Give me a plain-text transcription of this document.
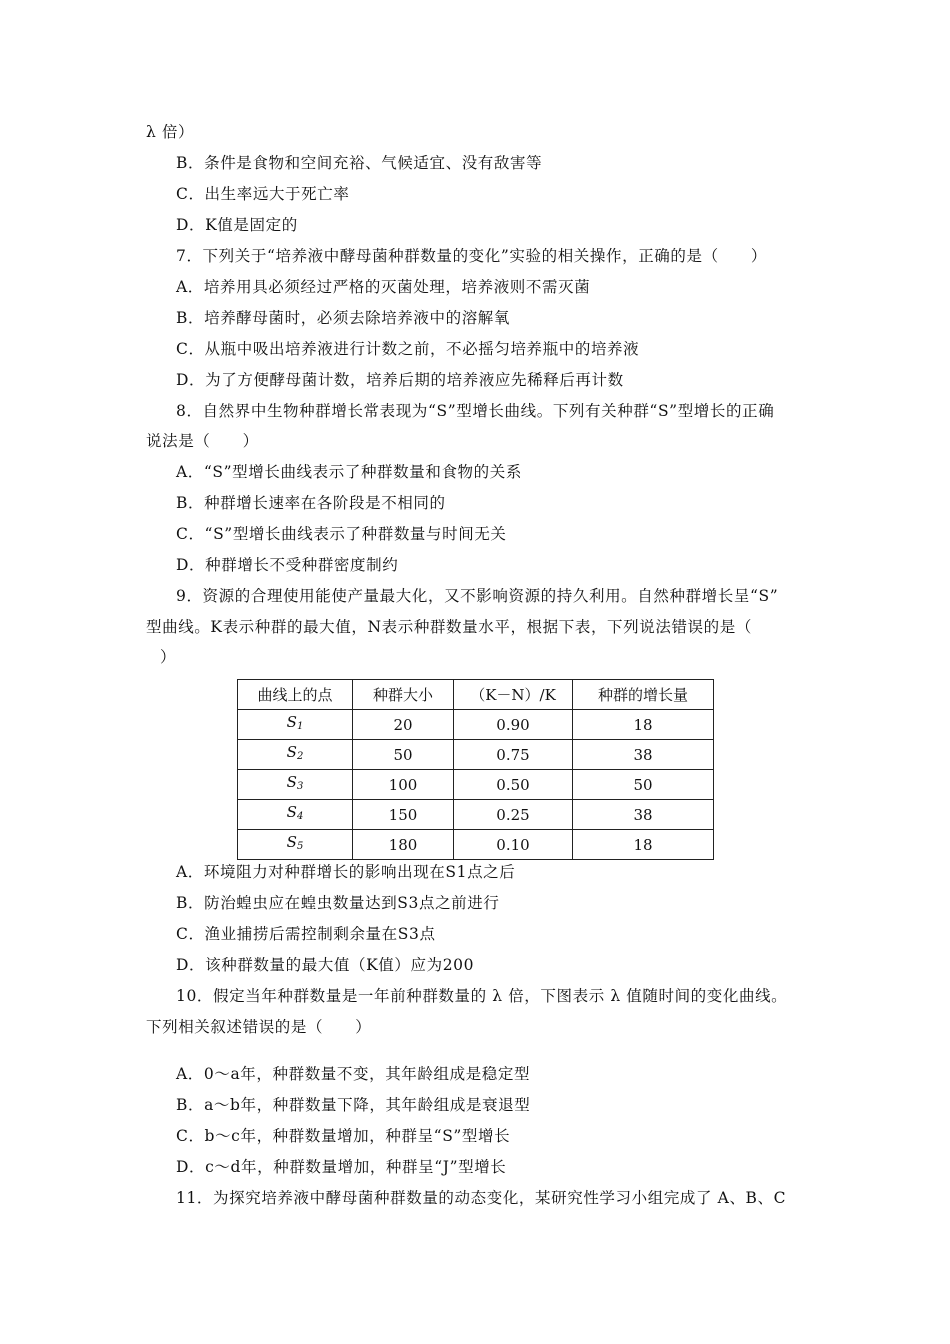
λ 倍）
B．条件是食物和空间充裕、气候适宜、没有敌害等
C．出生率远大于死亡率
D．K值是固定的
7．下列关于“培养液中酵母菌种群数量的变化”实验的相关操作，正确的是（　　）
A．培养用具必须经过严格的灭菌处理，培养液则不需灭菌
B．培养酵母菌时，必须去除培养液中的溶解氧
C．从瓶中吸出培养液进行计数之前，不必摇匀培养瓶中的培养液
D．为了方便酵母菌计数，培养后期的培养液应先稀释后再计数
8．自然界中生物种群增长常表现为“S”型增长曲线。下列有关种群“S”型增长的正确
说法是（　　）
A．“S”型增长曲线表示了种群数量和食物的关系
B．种群增长速率在各阶段是不相同的
C．“S”型增长曲线表示了种群数量与时间无关
D．种群增长不受种群密度制约
9．资源的合理使用能使产量最大化，又不影响资源的持久利用。自然种群增长呈“S”
型曲线。K表示种群的最大值，N表示种群数量水平，根据下表，下列说法错误的是（
）
曲线上的点	种群大小	（K－N）/K	种群的增长量
$S_1$	20	0.90	18
$S_2$	50	0.75	38
$S_3$	100	0.50	50
$S_4$	150	0.25	38
$S_5$	180	0.10	18
A．环境阻力对种群增长的影响出现在S1点之后
B．防治蝗虫应在蝗虫数量达到S3点之前进行
C．渔业捕捞后需控制剩余量在S3点
D．该种群数量的最大值（K值）应为200
10．假定当年种群数量是一年前种群数量的 λ 倍，下图表示 λ 值随时间的变化曲线。
下列相关叙述错误的是（　　）
A．0～a年，种群数量不变，其年龄组成是稳定型
B．a～b年，种群数量下降，其年龄组成是衰退型
C．b～c年，种群数量增加，种群呈“S”型增长
D．c～d年，种群数量增加，种群呈“J”型增长
11．为探究培养液中酵母菌种群数量的动态变化，某研究性学习小组完成了 A、B、C
